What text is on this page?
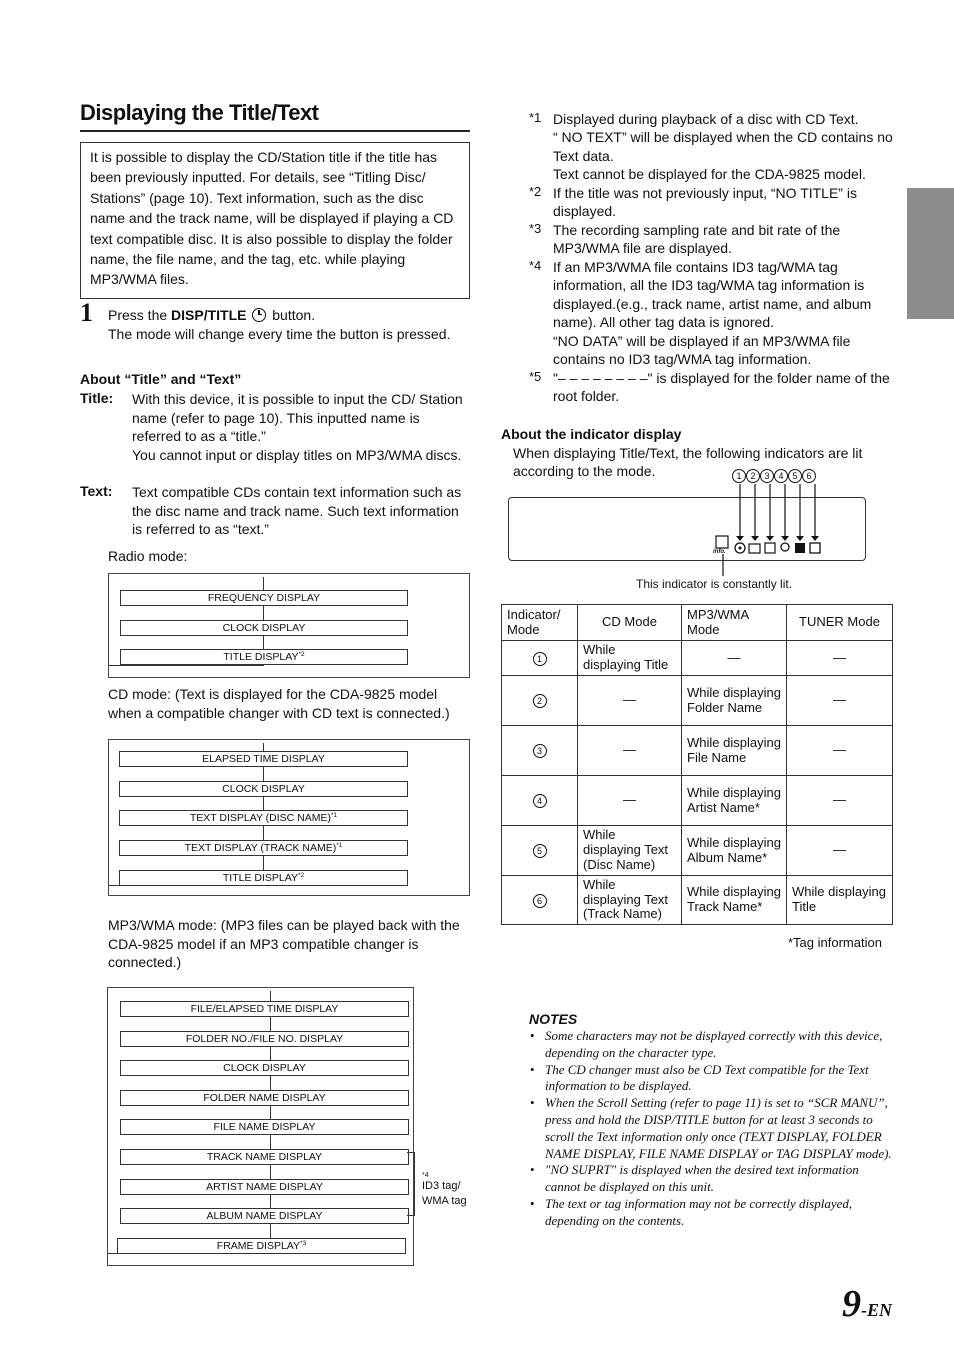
Displaying the Title/Text
It is possible to display the CD/Station title if the title has been previously inputted. For details, see “Titling Disc/ Stations” (page 10). Text information, such as the disc name and the track name, will be displayed if playing a CD text compatible disc. It is also possible to display the folder name, the file name, and the tag, etc. while playing MP3/WMA files.
1 Press the DISP/TITLE  button.
The mode will change every time the button is pressed.
About “Title” and “Text”
Title: With this device, it is possible to input the CD/ Station name (refer to page 10). This inputted name is referred to as a “title.”
You cannot input or display titles on MP3/WMA discs.
Text: Text compatible CDs contain text information such as the disc name and track name. Such text information is referred to as “text.”
Radio mode:
FREQUENCY DISPLAY
CLOCK DISPLAY
TITLE DISPLAY$^{*2}$
CD mode: (Text is displayed for the CDA-9825 model when a compatible changer with CD text is connected.)
ELAPSED TIME DISPLAY
CLOCK DISPLAY
TEXT DISPLAY (DISC NAME)$^{*1}$
TEXT DISPLAY (TRACK NAME)$^{*1}$
TITLE DISPLAY$^{*2}$
MP3/WMA mode: (MP3 files can be played back with the CDA-9825 model if an MP3 compatible changer is connected.)
FILE/ELAPSED TIME DISPLAY
FOLDER NO./FILE NO. DISPLAY
CLOCK DISPLAY
FOLDER NAME DISPLAY
FILE NAME DISPLAY
TRACK NAME DISPLAY
ARTIST NAME DISPLAY
ALBUM NAME DISPLAY
FRAME DISPLAY$^{*3}$
*4
ID3 tag/
WMA tag
*1 Displayed during playback of a disc with CD Text.
“ NO TEXT” will be displayed when the CD contains no Text data.
Text cannot be displayed for the CDA-9825 model.
*2 If the title was not previously input, “NO TITLE” is displayed.
*3 The recording sampling rate and bit rate of the MP3/WMA file are displayed.
*4 If an MP3/WMA file contains ID3 tag/WMA tag information, all the ID3 tag/WMA tag information is displayed.(e.g., track name, artist name, and album name). All other tag data is ignored.
“NO DATA” will be displayed if an MP3/WMA file contains no ID3 tag/WMA tag information.
*5 "– – – – – – – –" is displayed for the folder name of the root folder.
About the indicator display
When displaying Title/Text, the following indicators are lit according to the mode.	1 2 3 4 5 6
info.
This indicator is constantly lit.
Indicator/ Mode	CD Mode	MP3/WMA Mode	TUNER Mode
1	While displaying Title	—	—
2	—	While displaying Folder Name	—
3	—	While displaying File Name	—
4	—	While displaying Artist Name*	—
5	While displaying Text (Disc Name)	While displaying Album Name*	—
6	While displaying Text (Track Name)	While displaying Track Name*	While displaying Title
*Tag information
NOTES
• Some characters may not be displayed correctly with this device, depending on the character type.
• The CD changer must also be CD Text compatible for the Text information to be displayed.
• When the Scroll Setting (refer to page 11) is set to “SCR MANU”, press and hold the DISP/TITLE button for at least 3 seconds to scroll the Text information only once (TEXT DISPLAY, FOLDER NAME DISPLAY, FILE NAME DISPLAY or TAG DISPLAY mode).
• "NO SUPRT" is displayed when the desired text information cannot be displayed on this unit.
• The text or tag information may not be correctly displayed, depending on the contents.
9-EN
